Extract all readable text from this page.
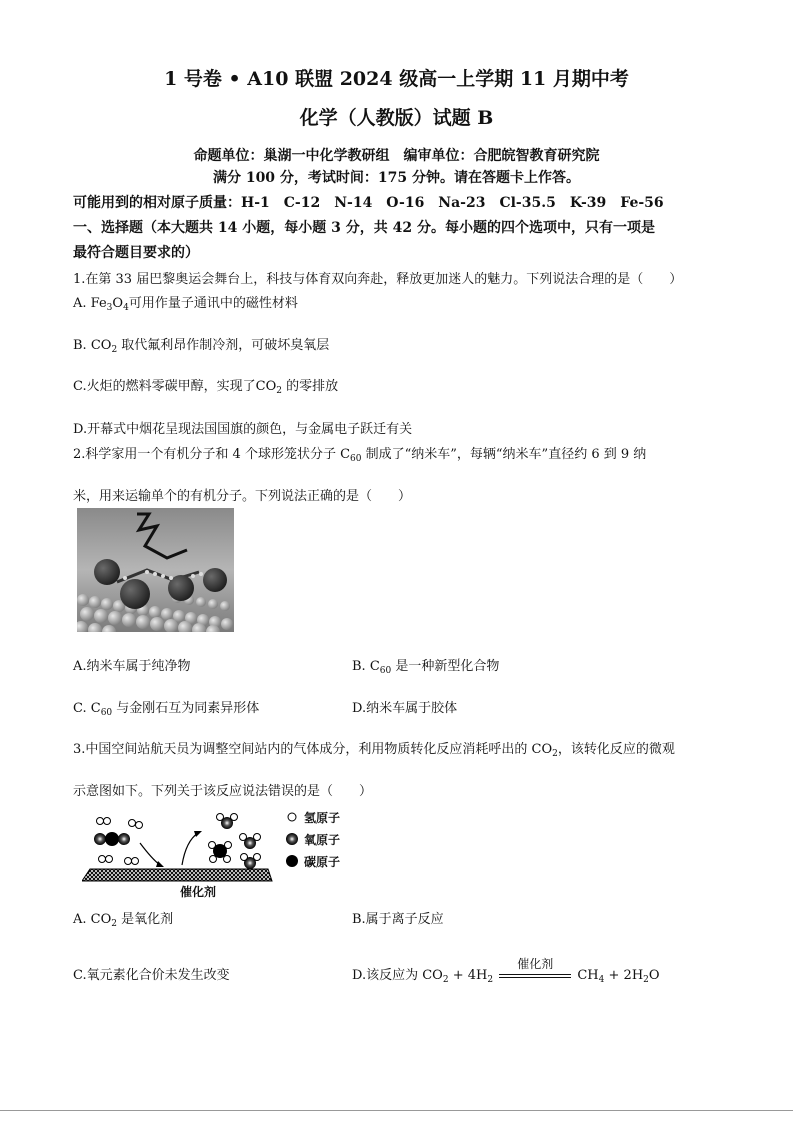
1 号卷 • A10 联盟 2024 级高一上学期 11 月期中考
化学（人教版）试题 B
命题单位：巢湖一中化学教研组　编审单位：合肥皖智教育研究院
满分 100 分，考试时间：175 分钟。请在答题卡上作答。
可能用到的相对原子质量：H-1　C-12　N-14　O-16　Na-23　Cl-35.5　K-39　Fe-56
一、选择题（本大题共 14 小题，每小题 3 分，共 42 分。每小题的四个选项中，只有一项是
最符合题目要求的）
1.在第 33 届巴黎奥运会舞台上，科技与体育双向奔赴，释放更加迷人的魅力。下列说法合理的是（　　）
A. $Fe_3O_4$可用作量子通讯中的磁性材料
B. $CO_2$ 取代氟利昂作制冷剂，可破坏臭氧层
C.火炬的燃料零碳甲醇，实现了$CO_2$ 的零排放
D.开幕式中烟花呈现法国国旗的颜色，与金属电子跃迁有关
2.科学家用一个有机分子和 4 个球形笼状分子 $C_{60}$ 制成了“纳米车”，每辆“纳米车”直径约 6 到 9 纳
米，用来运输单个的有机分子。下列说法正确的是（　　）
A.纳米车属于纯净物	B. $C_{60}$ 是一种新型化合物
C. $C_{60}$ 与金刚石互为同素异形体	D.纳米车属于胶体
3.中国空间站航天员为调整空间站内的气体成分，利用物质转化反应消耗呼出的 $CO_2$，该转化反应的微观
示意图如下。下列关于该反应说法错误的是（　　）
氢原子
氧原子
碳原子
催化剂
A. $CO_2$ 是氧化剂	B.属于离子反应
C.氧元素化合价未发生改变	D.该反应为 $CO_2 + 4H_2$
催化剂
$CH_4 + 2H_2O$
